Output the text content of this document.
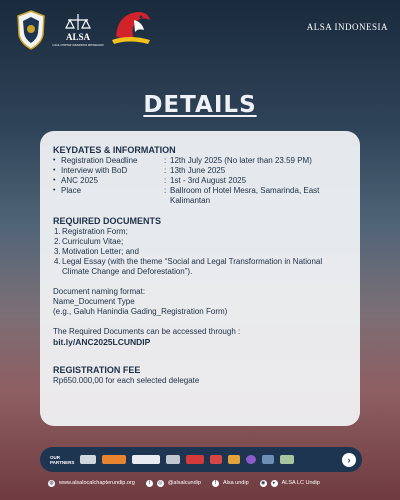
ALSA
LOCAL CHAPTER UNIVERSITAS DIPONEGORO
ALSA INDONESIA
DETAILS
KEYDATES & INFORMATION
• Registration Deadline	: 12th July 2025 (No later than 23.59 PM)
• Interview with BoD	: 13th June 2025
• ANC 2025	: 1st - 3rd August 2025
• Place	: Ballroom of Hotel Mesra, Samarinda, East Kalimantan
REQUIRED DOCUMENTS
1. Registration Form;
2. Curriculum Vitae;
3. Motivation Letter; and
4. Legal Essay (with the theme “Social and Legal Transformation in National Climate Change and Deforestation”).
Document naming format:
Name_Document Type
(e.g., Galuh Hanindia Gading_Registration Form)
The Required Documents can be accessed through :
bit.ly/ANC2025LCUNDIP
REGISTRATION FEE
Rp650.000,00 for each selected delegate
OUR
PARTNERS	›
◍ www.alsalocalchapterundip.org	t	◎ @alsalcundip	f	Alsa undip ◉	▸	ALSA LC Undip
